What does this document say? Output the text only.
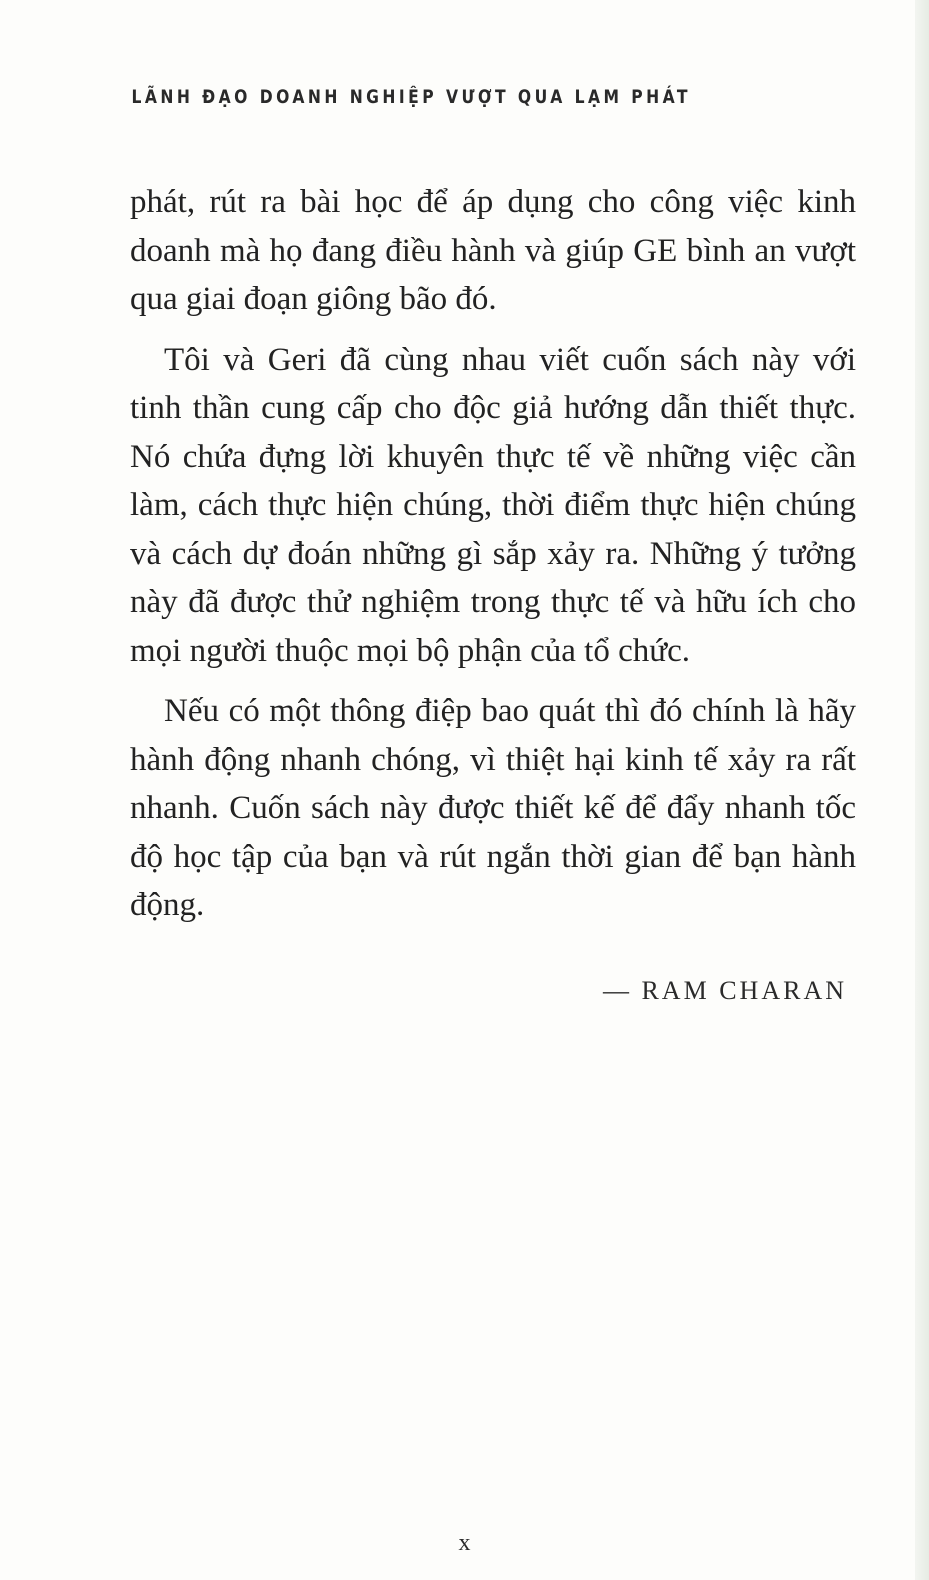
LÃNH ĐẠO DOANH NGHIỆP VƯỢT QUA LẠM PHÁT

phát, rút ra bài học để áp dụng cho công việc kinh doanh mà họ đang điều hành và giúp GE bình an vượt qua giai đoạn giông bão đó.

Tôi và Geri đã cùng nhau viết cuốn sách này với tinh thần cung cấp cho độc giả hướng dẫn thiết thực. Nó chứa đựng lời khuyên thực tế về những việc cần làm, cách thực hiện chúng, thời điểm thực hiện chúng và cách dự đoán những gì sắp xảy ra. Những ý tưởng này đã được thử nghiệm trong thực tế và hữu ích cho mọi người thuộc mọi bộ phận của tổ chức.

Nếu có một thông điệp bao quát thì đó chính là hãy hành động nhanh chóng, vì thiệt hại kinh tế xảy ra rất nhanh. Cuốn sách này được thiết kế để đẩy nhanh tốc độ học tập của bạn và rút ngắn thời gian để bạn hành động.

— RAM CHARAN
x
